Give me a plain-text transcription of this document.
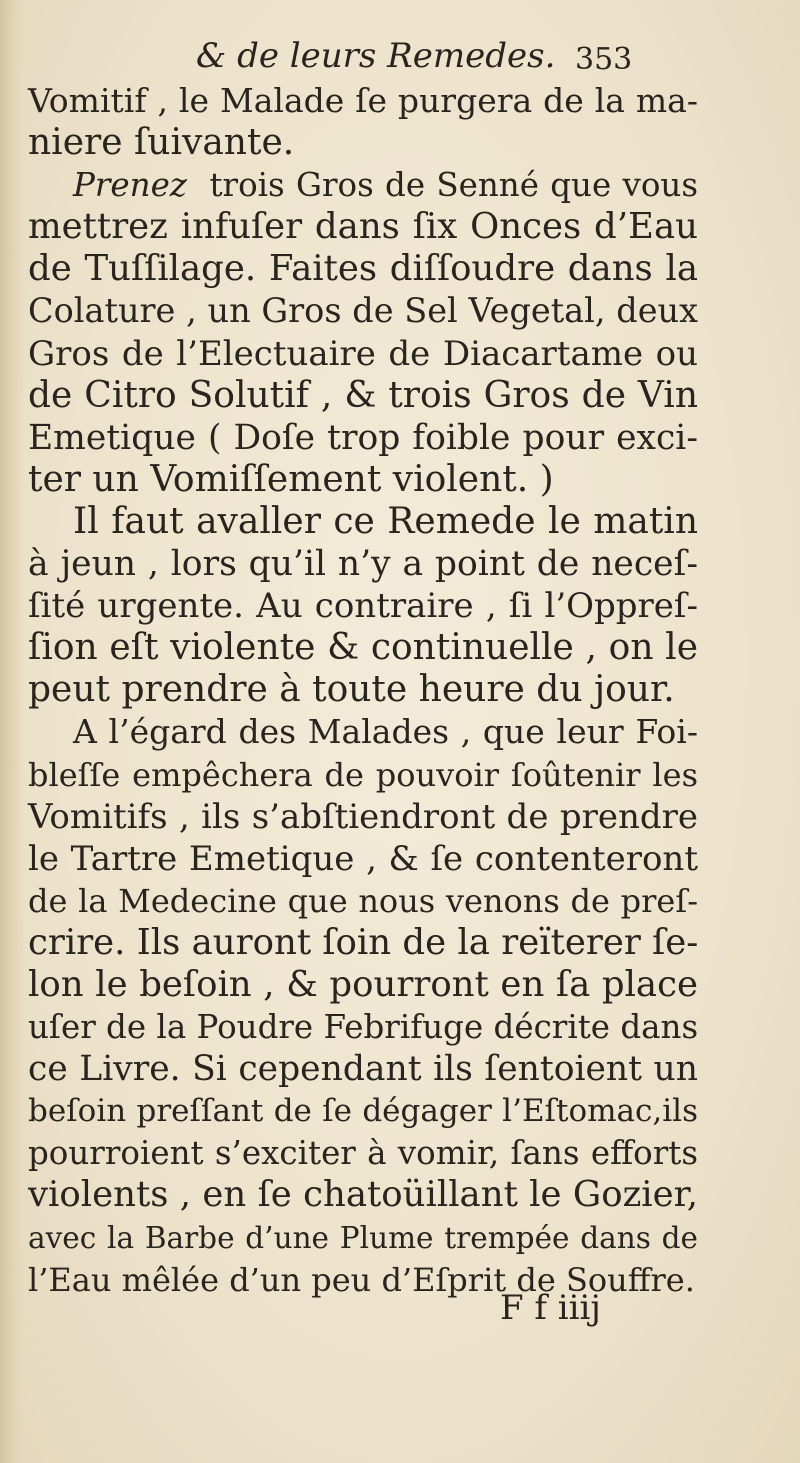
& de leurs Remedes. 353
Vomitif , le Malade ſe purgera de la ma-
niere ſuivante.
Prenez trois Gros de Senné que vous
mettrez infuſer dans ſix Onces d’Eau
de Tuſſilage. Faites diſſoudre dans la
Colature , un Gros de Sel Vegetal, deux
Gros de l’Electuaire de Diacartame ou
de Citro Solutif , & trois Gros de Vin
Emetique ( Doſe trop foible pour exci-
ter un Vomiſſement violent. )
Il faut avaller ce Remede le matin
à jeun , lors qu’il n’y a point de neceſ-
ſité urgente. Au contraire , ſi l’Oppreſ-
ſion eſt violente & continuelle , on le
peut prendre à toute heure du jour.
A l’égard des Malades , que leur Foi-
bleſſe empêchera de pouvoir ſoûtenir les
Vomitifs , ils s’abſtiendront de prendre
le Tartre Emetique , & ſe contenteront
de la Medecine que nous venons de preſ-
crire. Ils auront ſoin de la reïterer ſe-
lon le beſoin , & pourront en ſa place
uſer de la Poudre Febrifuge décrite dans
ce Livre. Si cependant ils ſentoient un
beſoin preſſant de ſe dégager l’Eſtomac,ils
pourroient s’exciter à vomir, ſans efforts
violents , en ſe chatoüillant le Gozier,
avec la Barbe d’une Plume trempée dans de
l’Eau mêlée d’un peu d’Eſprit de Souffre.
F f iiij
